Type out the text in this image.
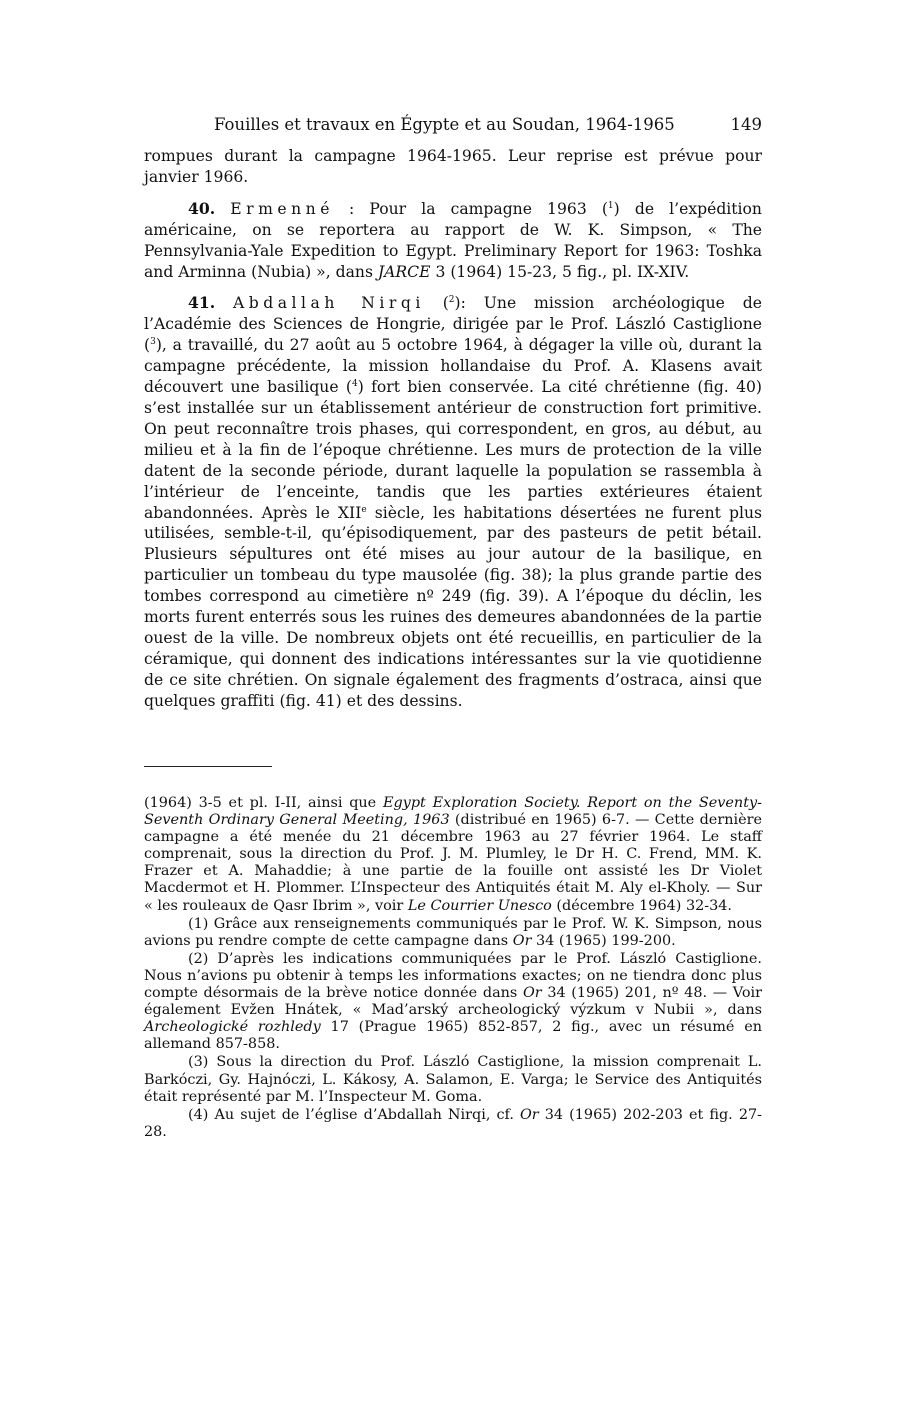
Fouilles et travaux en Égypte et au Soudan, 1964-1965	149

rompues durant la campagne 1964-1965. Leur reprise est prévue pour janvier 1966.

40. Ermenné : Pour la campagne 1963 ($^1$) de l’expédition américaine, on se reportera au rapport de W. K. Simpson, « The Pennsylvania-Yale Expedition to Egypt. Preliminary Report for 1963: Toshka and Arminna (Nubia) », dans JARCE 3 (1964) 15-23, 5 fig., pl. IX-XIV.

41. Abdallah Nirqi ($^2$): Une mission archéologique de l’Académie des Sciences de Hongrie, dirigée par le Prof. László Castiglione ($^3$), a travaillé, du 27 août au 5 octobre 1964, à dégager la ville où, durant la campagne précédente, la mission hollandaise du Prof. A. Klasens avait découvert une basilique ($^4$) fort bien conservée. La cité chrétienne (fig. 40) s’est installée sur un établissement antérieur de construction fort primitive. On peut reconnaître trois phases, qui correspondent, en gros, au début, au milieu et à la fin de l’époque chrétienne. Les murs de protection de la ville datent de la seconde période, durant laquelle la population se rassembla à l’intérieur de l’enceinte, tandis que les parties extérieures étaient abandonnées. Après le XIIe siècle, les habitations désertées ne furent plus utilisées, semble-t-il, qu’épisodiquement, par des pasteurs de petit bétail. Plusieurs sépultures ont été mises au jour autour de la basilique, en particulier un tombeau du type mausolée (fig. 38); la plus grande partie des tombes correspond au cimetière nº 249 (fig. 39). A l’époque du déclin, les morts furent enterrés sous les ruines des demeures abandonnées de la partie ouest de la ville. De nombreux objets ont été recueillis, en particulier de la céramique, qui donnent des indications intéressantes sur la vie quotidienne de ce site chrétien. On signale également des fragments d’ostraca, ainsi que quelques graffiti (fig. 41) et des dessins.

(1964) 3-5 et pl. I-II, ainsi que Egypt Exploration Society. Report on the Seventy-Seventh Ordinary General Meeting, 1963 (distribué en 1965) 6-7. — Cette dernière campagne a été menée du 21 décembre 1963 au 27 février 1964. Le staff comprenait, sous la direction du Prof. J. M. Plumley, le Dr H. C. Frend, MM. K. Frazer et A. Mahaddie; à une partie de la fouille ont assisté les Dr Violet Macdermot et H. Plommer. L’Inspecteur des Antiquités était M. Aly el-Kholy. — Sur « les rouleaux de Qasr Ibrim », voir Le Courrier Unesco (décembre 1964) 32-34.

(1) Grâce aux renseignements communiqués par le Prof. W. K. Simpson, nous avions pu rendre compte de cette campagne dans Or 34 (1965) 199-200.

(2) D’après les indications communiquées par le Prof. László Castiglione. Nous n’avions pu obtenir à temps les informations exactes; on ne tiendra donc plus compte désormais de la brève notice donnée dans Or 34 (1965) 201, nº 48. — Voir également Evžen Hnátek, « Mad’arský archeologický výzkum v Nubii », dans Archeologické rozhledy 17 (Prague 1965) 852-857, 2 fig., avec un résumé en allemand 857-858.

(3) Sous la direction du Prof. László Castiglione, la mission comprenait L. Barkóczi, Gy. Hajnóczi, L. Kákosy, A. Salamon, E. Varga; le Service des Antiquités était représenté par M. l’Inspecteur M. Goma.

(4) Au sujet de l’église d’Abdallah Nirqi, cf. Or 34 (1965) 202-203 et fig. 27-28.
